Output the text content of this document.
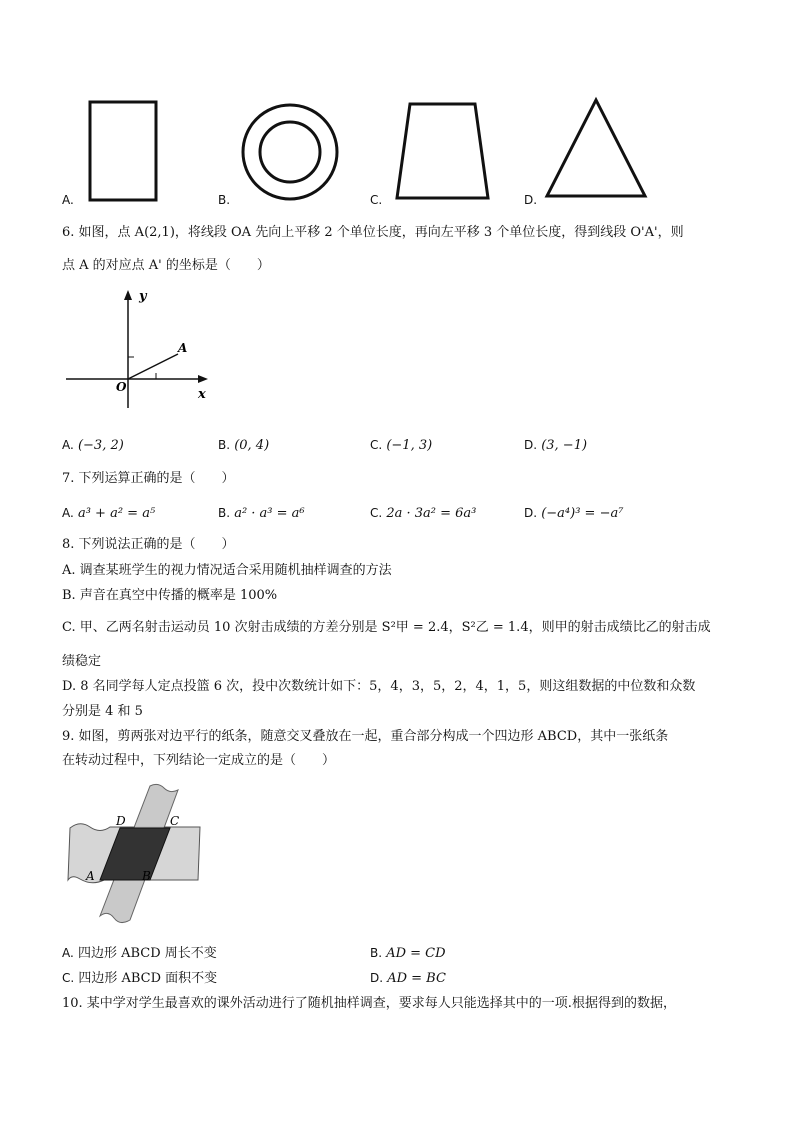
A.	B.	C.	D.
6. 如图，点 A(2,1)，将线段 OA 先向上平移 2 个单位长度，再向左平移 3 个单位长度，得到线段 O'A'，则
点 A 的对应点 A' 的坐标是（　　）
y
x
O
A
A. (−3, 2)	B. (0, 4)	C. (−1, 3)	D. (3, −1)
7. 下列运算正确的是（　　）
A. a³ + a² = a⁵	B. a² · a³ = a⁶	C. 2a · 3a² = 6a³	D. (−a⁴)³ = −a⁷
8. 下列说法正确的是（　　）
A. 调查某班学生的视力情况适合采用随机抽样调查的方法
B. 声音在真空中传播的概率是 100%
C. 甲、乙两名射击运动员 10 次射击成绩的方差分别是 S²甲 = 2.4，S²乙 = 1.4，则甲的射击成绩比乙的射击成
绩稳定
D. 8 名同学每人定点投篮 6 次，投中次数统计如下：5，4，3，5，2，4，1，5，则这组数据的中位数和众数
分别是 4 和 5
9. 如图，剪两张对边平行的纸条，随意交叉叠放在一起，重合部分构成一个四边形 ABCD，其中一张纸条
在转动过程中，下列结论一定成立的是（　　）
D	C
A	B
A. 四边形 ABCD 周长不变	B. AD = CD
C. 四边形 ABCD 面积不变	D. AD = BC
10. 某中学对学生最喜欢的课外活动进行了随机抽样调查，要求每人只能选择其中的一项.根据得到的数据，
